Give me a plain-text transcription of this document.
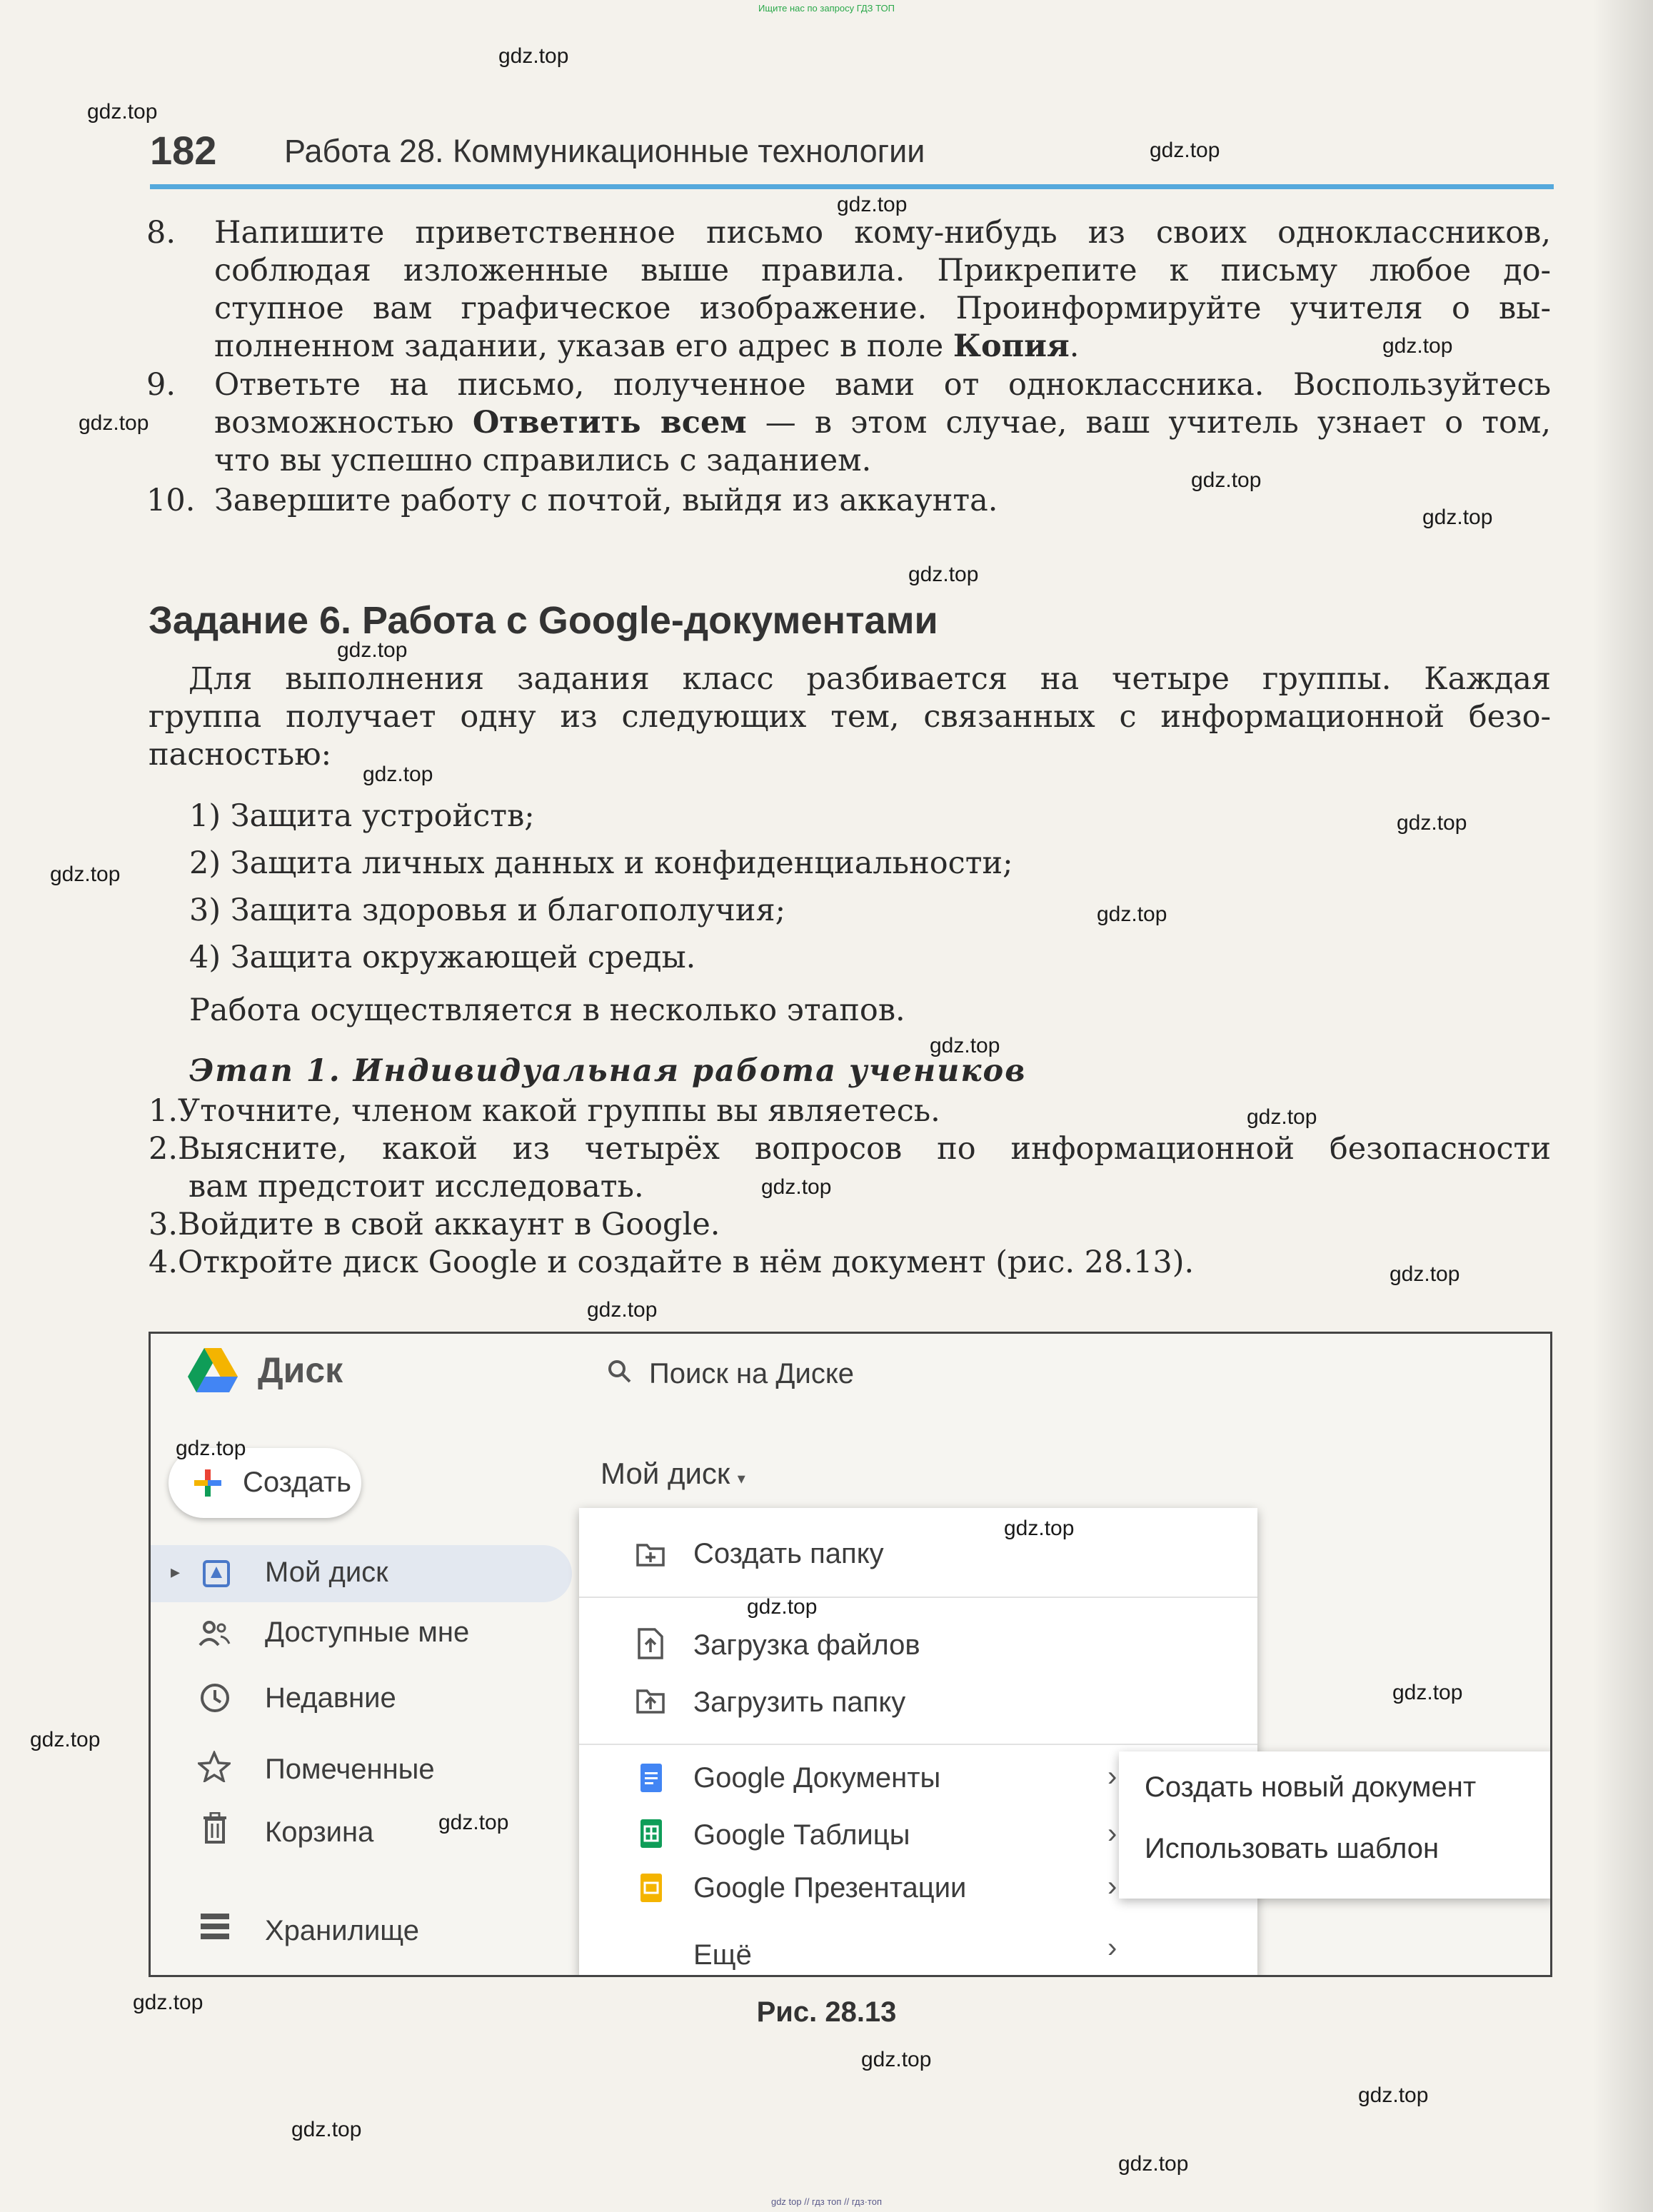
Ищите нас по запросу ГДЗ ТОП
182 Работа 28. Коммуникационные технологии
8. Напишите приветственное письмо кому-нибудь из своих одноклассников,
соблюдая изложенные выше правила. Прикрепите к письму любое до-
ступное вам графическое изображение. Проинформируйте учителя о вы-
полненном задании, указав его адрес в поле Копия.
9. Ответьте на письмо, полученное вами от одноклассника. Воспользуйтесь
возможностью Ответить всем — в этом случае, ваш учитель узнает о том,
что вы успешно справились с заданием.
10. Завершите работу с почтой, выйдя из аккаунта.
Задание 6. Работа с Google-документами
Для выполнения задания класс разбивается на четыре группы. Каждая
группа получает одну из следующих тем, связанных с информационной безо-
пасностью:
1) Защита устройств;
2) Защита личных данных и конфиденциальности;
3) Защита здоровья и благополучия;
4) Защита окружающей среды.
Работа осуществляется в несколько этапов.
Этап 1. Индивидуальная работа учеников
1.Уточните, членом какой группы вы являетесь.
2.Выясните, какой из четырёх вопросов по информационной безопасности
вам предстоит исследовать.
3.Войдите в свой аккаунт в Google.
4.Откройте диск Google и создайте в нём документ (рис. 28.13).
Диск	Поиск на Диске
Создать
▸	Мой диск
Доступные мне
Недавние
Помеченные
Корзина
Хранилище
Мой диск ▾
Создать папку
Загрузка файлов
Загрузить папку
Google Документы	›
Google Таблицы	›
Google Презентации	›
Ещё	›
Создать новый документ
Использовать шаблон
Рис. 28.13
gdz.top
gdz.top
gdz.top
gdz.top
gdz.top
gdz.top
gdz.top
gdz.top
gdz.top
gdz.top
gdz.top
gdz.top
gdz.top
gdz.top
gdz.top
gdz.top
gdz.top
gdz.top
gdz.top
gdz.top
gdz.top
gdz.top
gdz.top
gdz.top
gdz.top
gdz.top
gdz.top
gdz.top
gdz.top
gdz.top
gdz top // гдз топ // гдз·топ
